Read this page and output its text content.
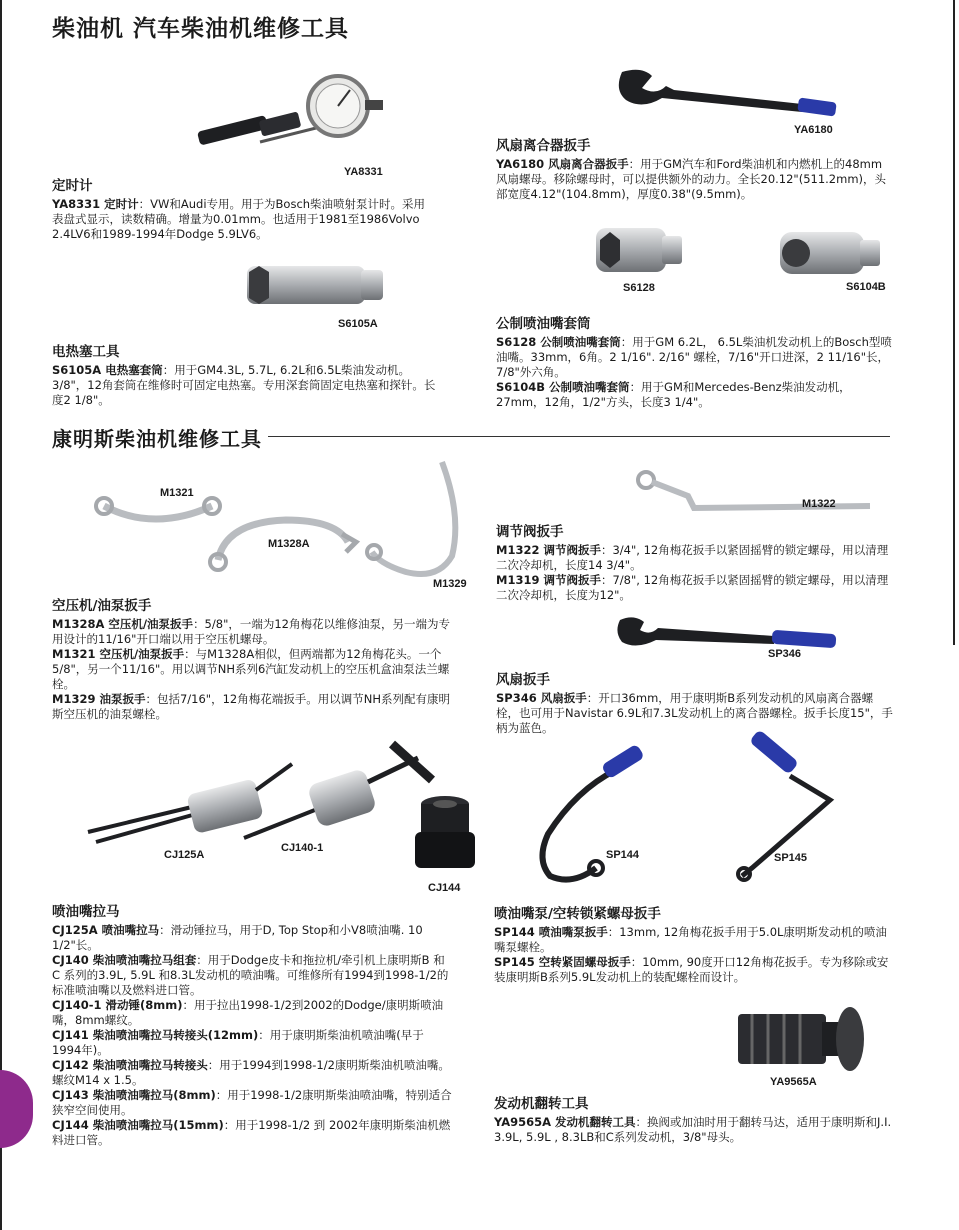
柴油机 汽车柴油机维修工具
YA8331
YA6180
S6105A
S6128	S6104B
定时计

YA8331 定时计：VW和Audi专用。用于为Bosch柴油喷射泵计时。采用表盘式显示，读数精确。增量为0.01mm。也适用于1981至1986Volvo 2.4LV6和1989-1994年Dodge 5.9LV6。

风扇离合器扳手

YA6180 风扇离合器扳手：用于GM汽车和Ford柴油机和内燃机上的48mm风扇螺母。移除螺母时，可以提供额外的动力。全长20.12"(511.2mm)，头部宽度4.12"(104.8mm)，厚度0.38"(9.5mm)。

电热塞工具

S6105A 电热塞套筒：用于GM4.3L, 5.7L, 6.2L和6.5L柴油发动机。3/8"，12角套筒在维修时可固定电热塞。专用深套筒固定电热塞和探针。长度2 1/8"。

公制喷油嘴套筒

S6128 公制喷油嘴套筒：用于GM 6.2L， 6.5L柴油机发动机上的Bosch型喷油嘴。33mm，6角。2 1/16". 2/16" 螺栓，7/16"开口进深，2 11/16"长，7/8"外六角。

S6104B 公制喷油嘴套筒：用于GM和Mercedes-Benz柴油发动机，27mm，12角，1/2"方头，长度3 1/4"。

康明斯柴油机维修工具
M1321
M1328A
M1329
M1322
SP346
空压机/油泵扳手

M1328A 空压机/油泵扳手：5/8"，一端为12角梅花以维修油泵，另一端为专用设计的11/16"开口端以用于空压机螺母。

M1321 空压机/油泵扳手：与M1328A相似，但两端都为12角梅花头。一个5/8"，另一个11/16"。用以调节NH系列6汽缸发动机上的空压机盒油泵法兰螺栓。

M1329 油泵扳手：包括7/16"，12角梅花端扳手。用以调节NH系列配有康明斯空压机的油泵螺栓。

调节阀扳手

M1322 调节阀扳手：3/4", 12角梅花扳手以紧固摇臂的锁定螺母，用以清理二次冷却机，长度14 3/4"。

M1319 调节阀扳手：7/8", 12角梅花扳手以紧固摇臂的锁定螺母，用以清理二次冷却机，长度为12"。

风扇扳手

SP346 风扇扳手：开口36mm，用于康明斯B系列发动机的风扇离合器螺栓，也可用于Navistar 6.9L和7.3L发动机上的离合器螺栓。扳手长度15"，手柄为蓝色。

CJ125A
CJ140-1
CJ144
SP144	SP145
YA9565A
喷油嘴拉马

CJ125A 喷油嘴拉马：滑动锤拉马，用于D, Top Stop和小V8喷油嘴. 10 1/2"长。

CJ140 柴油喷油嘴拉马组套：用于Dodge皮卡和拖拉机/牵引机上康明斯B 和C 系列的3.9L, 5.9L 和8.3L发动机的喷油嘴。可维修所有1994到1998-1/2的标准喷油嘴以及燃料进口管。

CJ140-1 滑动锤(8mm)：用于拉出1998-1/2到2002的Dodge/康明斯喷油嘴，8mm螺纹。

CJ141 柴油喷油嘴拉马转接头(12mm)：用于康明斯柴油机喷油嘴(早于1994年)。

CJ142 柴油喷油嘴拉马转接头：用于1994到1998-1/2康明斯柴油机喷油嘴。螺纹M14 x 1.5。

CJ143 柴油喷油嘴拉马(8mm)：用于1998-1/2康明斯柴油喷油嘴，特别适合狭窄空间使用。

CJ144 柴油喷油嘴拉马(15mm)：用于1998-1/2 到 2002年康明斯柴油机燃料进口管。

喷油嘴泵/空转锁紧螺母扳手

SP144 喷油嘴泵扳手：13mm, 12角梅花扳手用于5.0L康明斯发动机的喷油嘴泵螺栓。

SP145 空转紧固螺母扳手：10mm, 90度开口12角梅花扳手。专为移除或安装康明斯B系列5.9L发动机上的装配螺栓而设计。

发动机翻转工具

YA9565A 发动机翻转工具：换阀或加油时用于翻转马达，适用于康明斯和J.I. 3.9L, 5.9L , 8.3LB和C系列发动机，3/8"母头。
